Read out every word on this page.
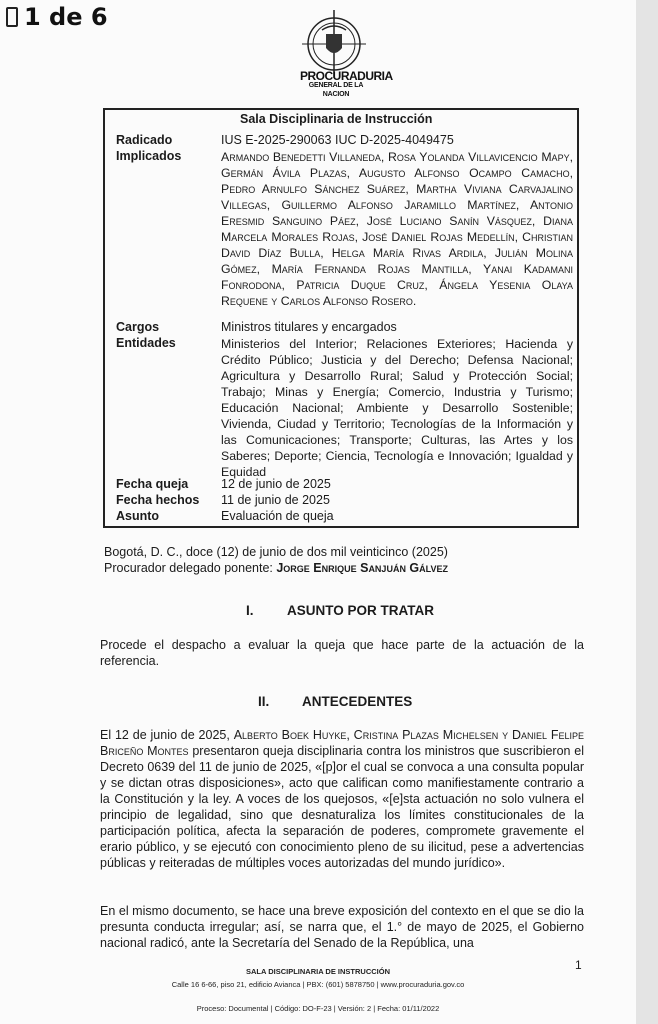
1 de 6
PROCURADURIA
GENERAL DE LA NACION
Sala Disciplinaria de Instrucción
Radicado	IUS E-2025-290063 IUC D-2025-4049475
Implicados	Armando Benedetti Villaneda, Rosa Yolanda Villavicencio Mapy, Germán Ávila Plazas, Augusto Alfonso Ocampo Camacho, Pedro Arnulfo Sánchez Suárez, Martha Viviana Carvajalino Villegas, Guillermo Alfonso Jaramillo Martínez, Antonio Eresmid Sanguino Páez, José Luciano Sanín Vásquez, Diana Marcela Morales Rojas, José Daniel Rojas Medellín, Christian David Díaz Bulla, Helga María Rivas Ardila, Julián Molina Gómez, María Fernanda Rojas Mantilla, Yanai Kadamani Fonrodona, Patricia Duque Cruz, Ángela Yesenia Olaya Requene y Carlos Alfonso Rosero.
Cargos	Ministros titulares y encargados
Entidades	Ministerios del Interior; Relaciones Exteriores; Hacienda y Crédito Público; Justicia y del Derecho; Defensa Nacional; Agricultura y Desarrollo Rural; Salud y Protección Social; Trabajo; Minas y Energía; Comercio, Industria y Turismo; Educación Nacional; Ambiente y Desarrollo Sostenible; Vivienda, Ciudad y Territorio; Tecnologías de la Información y las Comunicaciones; Transporte; Culturas, las Artes y los Saberes; Deporte; Ciencia, Tecnología e Innovación; Igualdad y Equidad
Fecha queja	12 de junio de 2025
Fecha hechos 11 de junio de 2025
Asunto	Evaluación de queja
Bogotá, D. C., doce (12) de junio de dos mil veinticinco (2025)
Procurador delegado ponente: Jorge Enrique Sanjuán Gálvez
I. ASUNTO POR TRATAR
Procede el despacho a evaluar la queja que hace parte de la actuación de la referencia.
II. ANTECEDENTES
El 12 de junio de 2025, Alberto Boek Huyke, Cristina Plazas Michelsen y Daniel Felipe Briceño Montes presentaron queja disciplinaria contra los ministros que suscribieron el Decreto 0639 del 11 de junio de 2025, «[p]or el cual se convoca a una consulta popular y se dictan otras disposiciones», acto que califican como manifiestamente contrario a la Constitución y la ley. A voces de los quejosos, «[e]sta actuación no solo vulnera el principio de legalidad, sino que desnaturaliza los límites constitucionales de la participación política, afecta la separación de poderes, compromete gravemente el erario público, y se ejecutó con conocimiento pleno de su ilicitud, pese a advertencias públicas y reiteradas de múltiples voces autorizadas del mundo jurídico».
En el mismo documento, se hace una breve exposición del contexto en el que se dio la presunta conducta irregular; así, se narra que, el 1.° de mayo de 2025, el Gobierno nacional radicó, ante la Secretaría del Senado de la República, una
1
SALA DISCIPLINARIA DE INSTRUCCIÓN
Calle 16 6-66, piso 21, edificio Avianca | PBX: (601) 5878750 | www.procuraduria.gov.co
Proceso: Documental | Código: DO-F-23 | Versión: 2 | Fecha: 01/11/2022
